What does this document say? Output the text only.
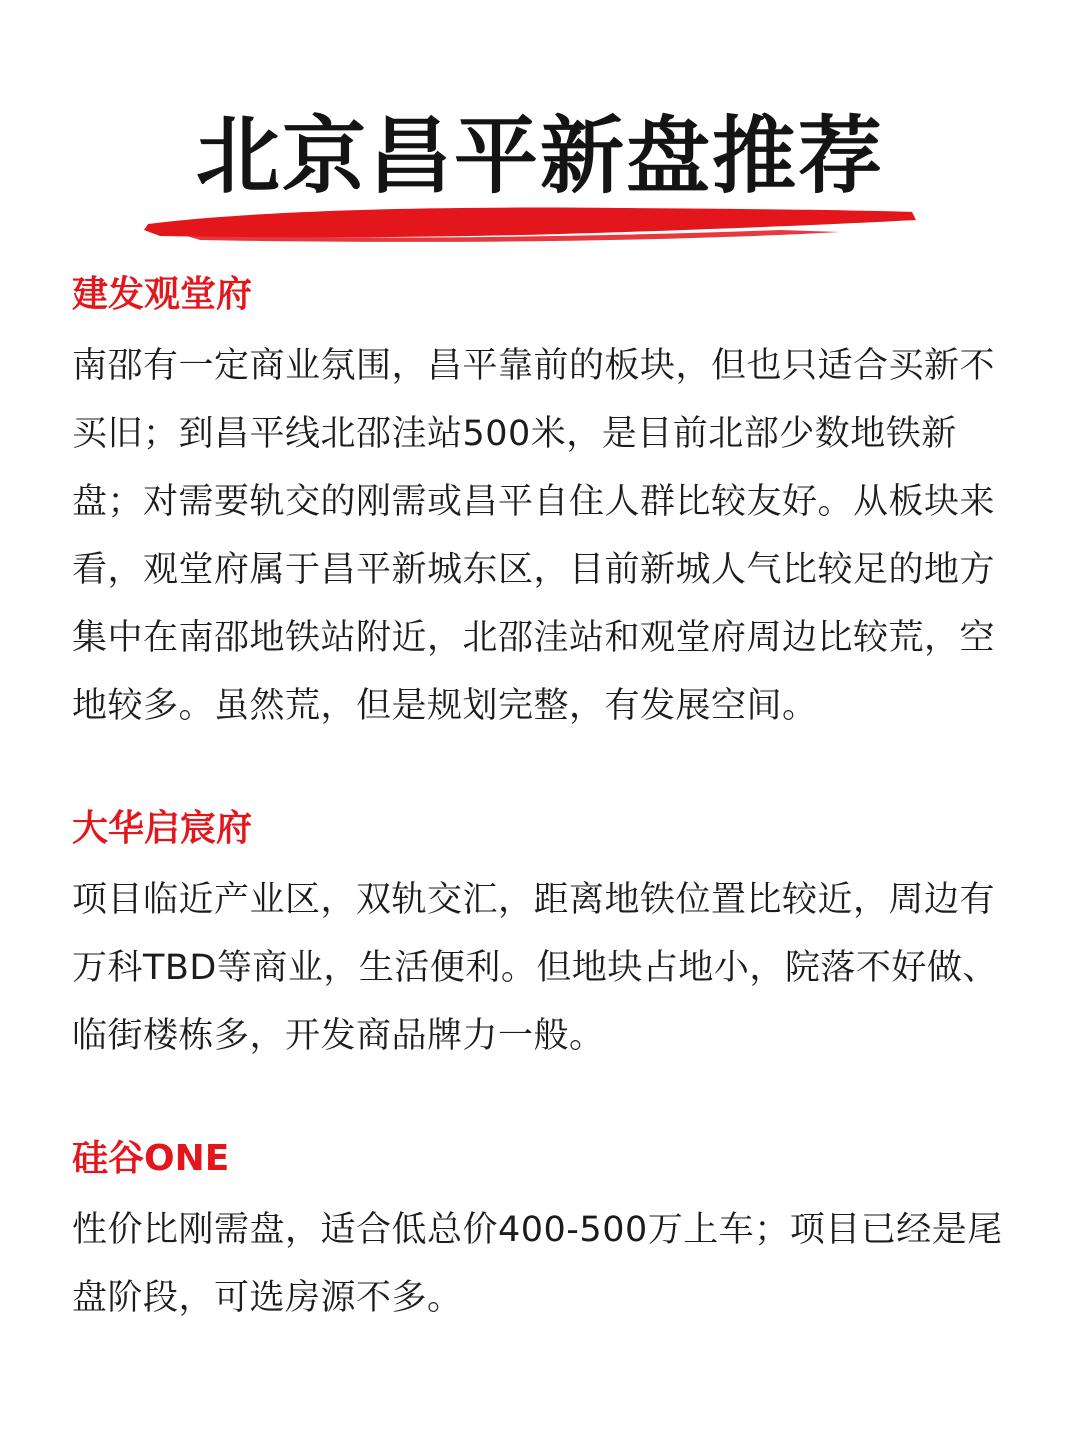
北京昌平新盘推荐
建发观堂府

南邵有一定商业氛围，昌平靠前的板块，但也只适合买新不买旧；到昌平线北邵洼站500米，是目前北部少数地铁新盘；对需要轨交的刚需或昌平自住人群比较友好。从板块来看，观堂府属于昌平新城东区，目前新城人气比较足的地方集中在南邵地铁站附近，北邵洼站和观堂府周边比较荒，空地较多。虽然荒，但是规划完整，有发展空间。

大华启宸府

项目临近产业区，双轨交汇，距离地铁位置比较近，周边有万科TBD等商业，生活便利。但地块占地小，院落不好做、临街楼栋多，开发商品牌力一般。

硅谷ONE

性价比刚需盘，适合低总价400-500万上车；项目已经是尾盘阶段，可选房源不多。
